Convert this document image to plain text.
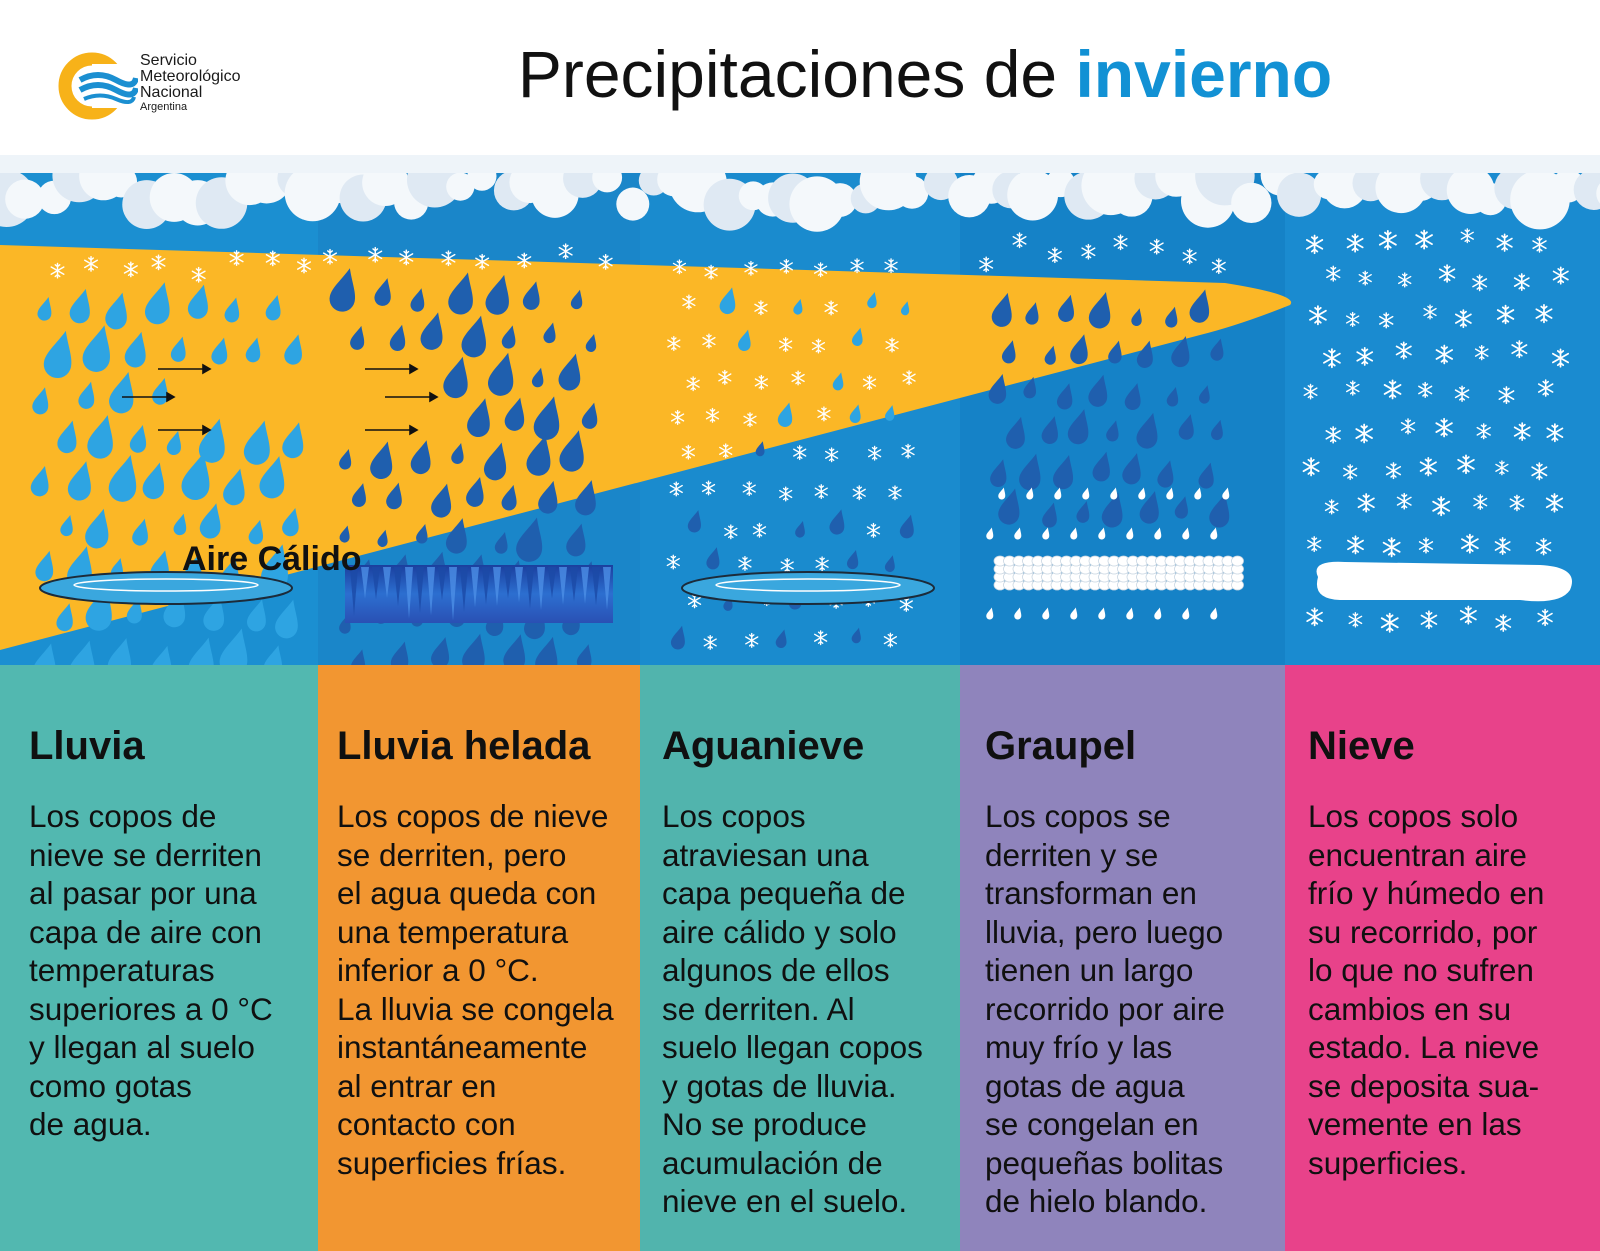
Servicio
Meteorológico
Nacional
Argentina	Precipitaciones de invierno
Aire Cálido
Lluvia

Los copos de
nieve se derriten
al pasar por una
capa de aire con
temperaturas
superiores a 0 °C
y llegan al suelo
como gotas
de agua.

Lluvia helada

Los copos de nieve
se derriten, pero
el agua queda con
una temperatura
inferior a 0 °C.
La lluvia se congela
instantáneamente
al entrar en
contacto con
superficies frías.

Aguanieve

Los copos
atraviesan una
capa pequeña de
aire cálido y solo
algunos de ellos
se derriten. Al
suelo llegan copos
y gotas de lluvia.
No se produce
acumulación de
nieve en el suelo.

Graupel

Los copos se
derriten y se
transforman en
lluvia, pero luego
tienen un largo
recorrido por aire
muy frío y las
gotas de agua
se congelan en
pequeñas bolitas
de hielo blando.

Nieve

Los copos solo
encuentran aire
frío y húmedo en
su recorrido, por
lo que no sufren
cambios en su
estado. La nieve
se deposita sua-
vemente en las
superficies.
